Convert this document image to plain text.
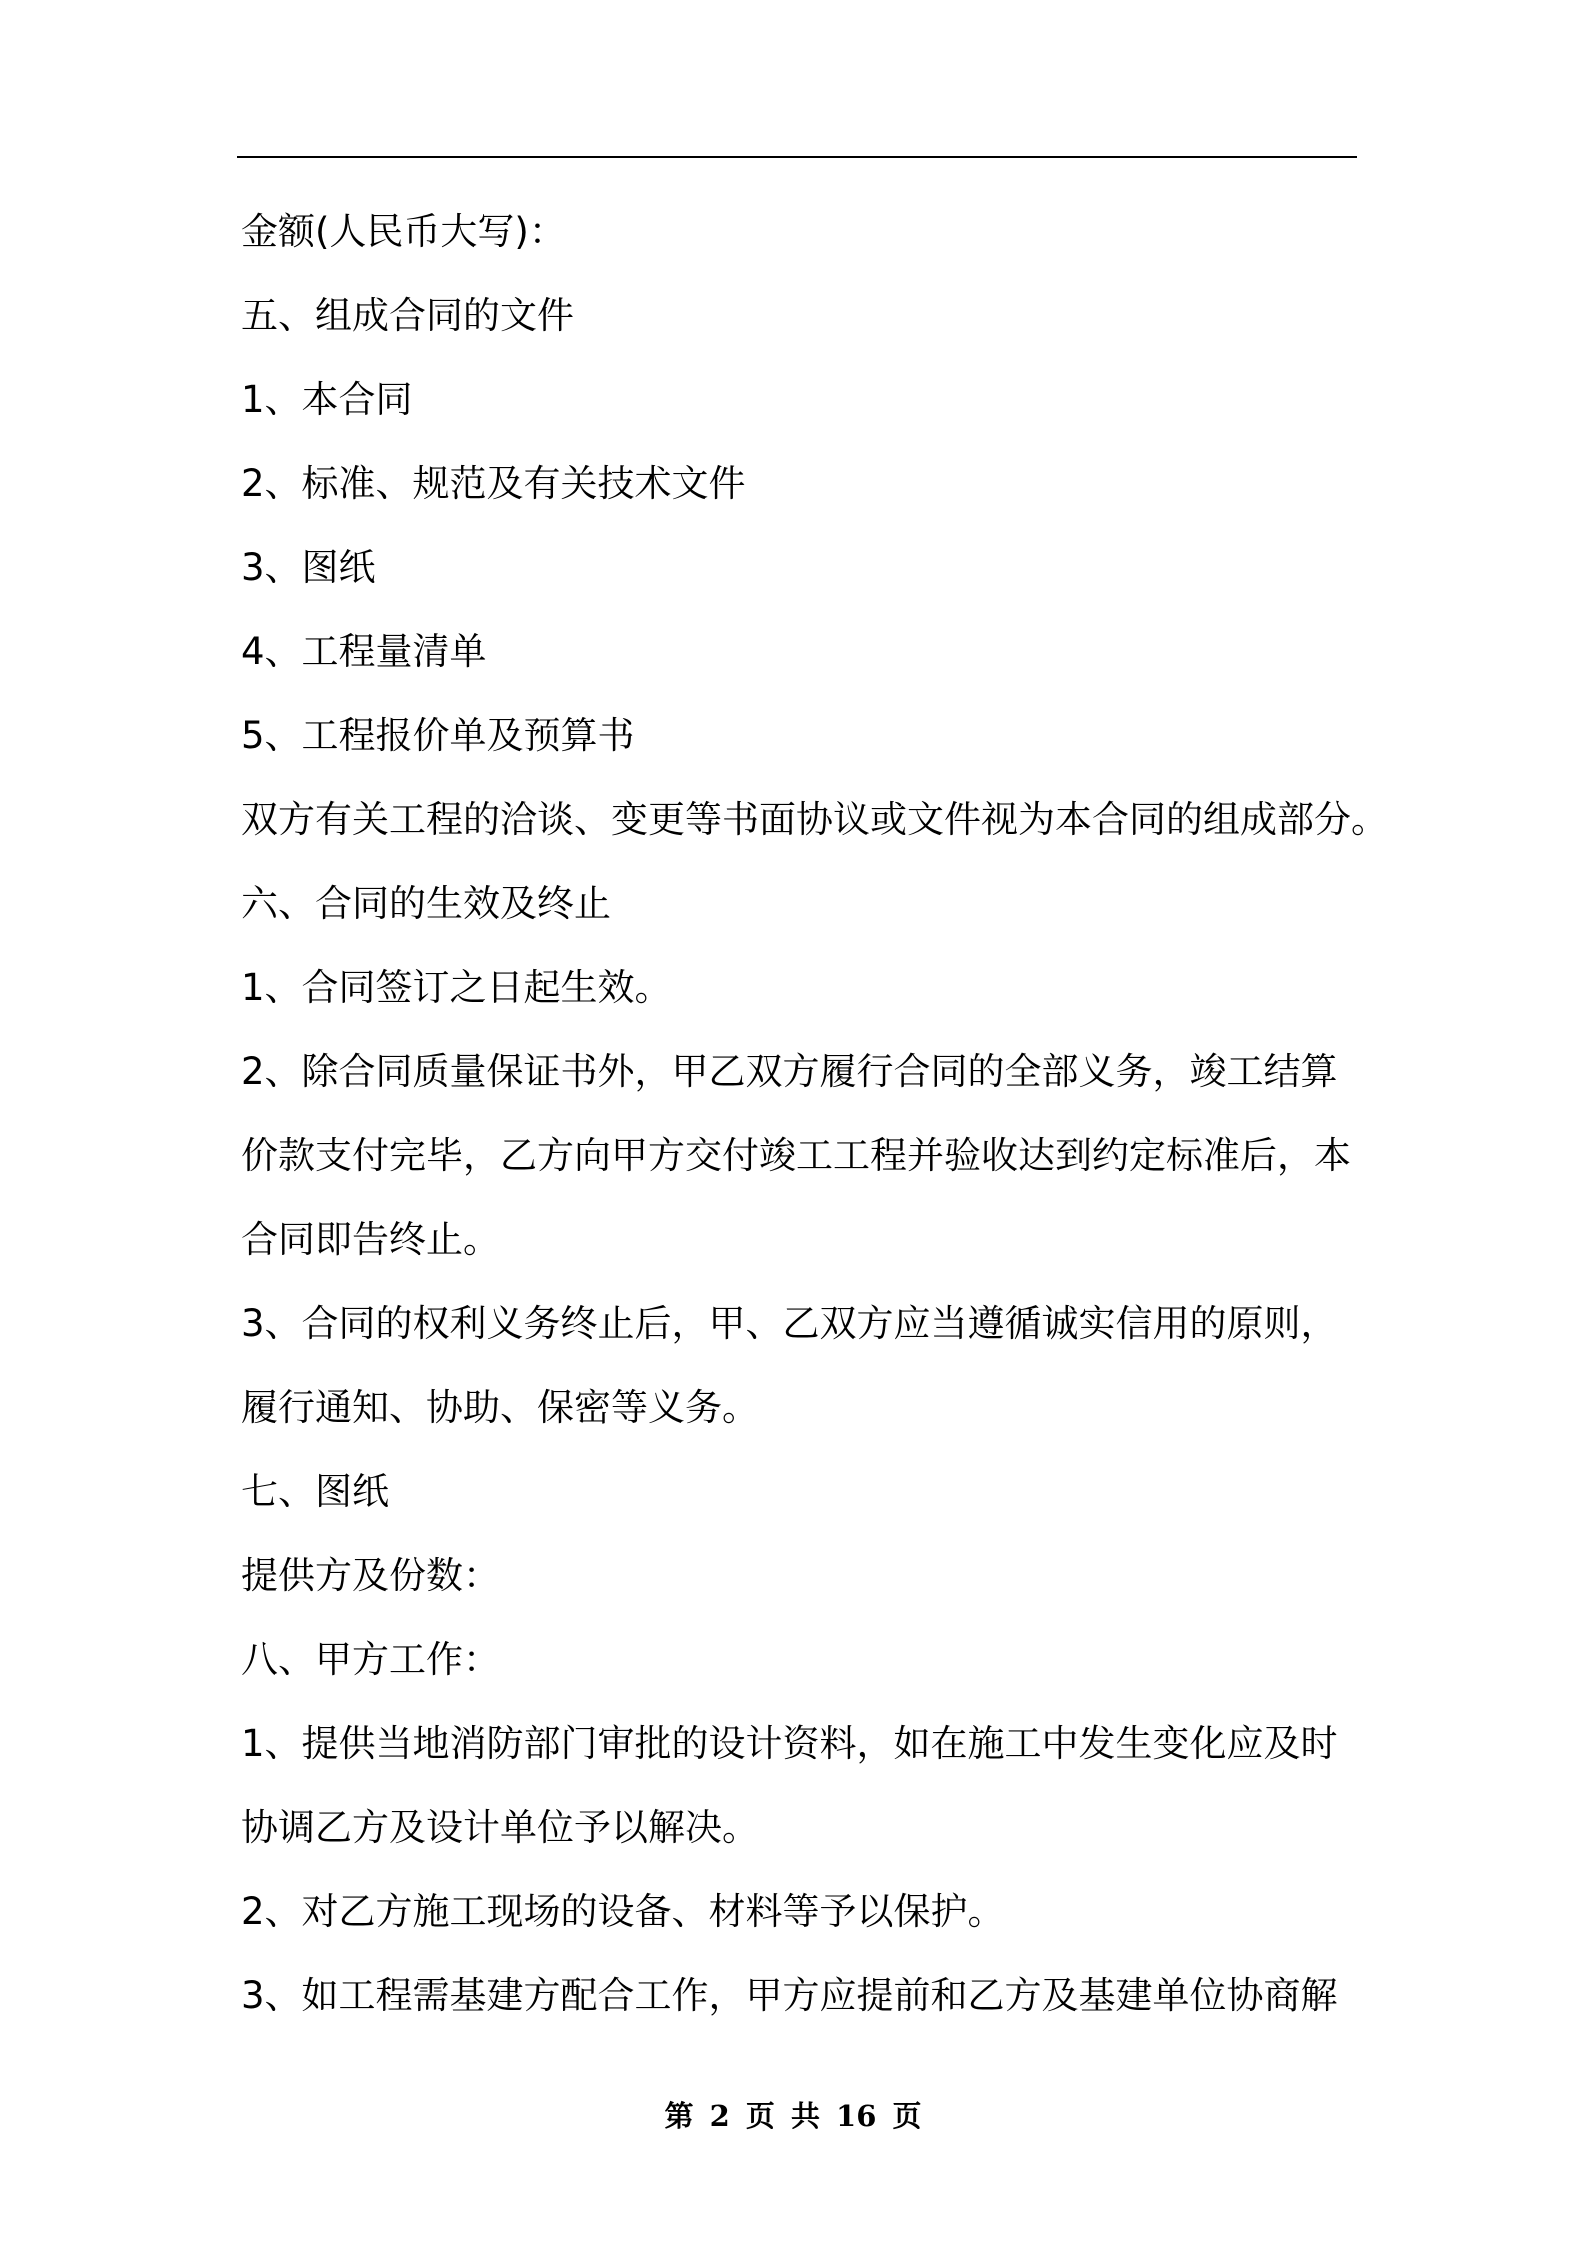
金额(人民币大写)：
五、组成合同的文件
1、本合同
2、标准、规范及有关技术文件
3、图纸
4、工程量清单
5、工程报价单及预算书
双方有关工程的洽谈、变更等书面协议或文件视为本合同的组成部分。
六、合同的生效及终止
1、合同签订之日起生效。
2、除合同质量保证书外，甲乙双方履行合同的全部义务，竣工结算
价款支付完毕，乙方向甲方交付竣工工程并验收达到约定标准后，本
合同即告终止。
3、合同的权利义务终止后，甲、乙双方应当遵循诚实信用的原则，
履行通知、协助、保密等义务。
七、图纸
提供方及份数：
八、甲方工作：
1、提供当地消防部门审批的设计资料，如在施工中发生变化应及时
协调乙方及设计单位予以解决。
2、对乙方施工现场的设备、材料等予以保护。
3、如工程需基建方配合工作，甲方应提前和乙方及基建单位协商解
第 2 页 共 16 页
